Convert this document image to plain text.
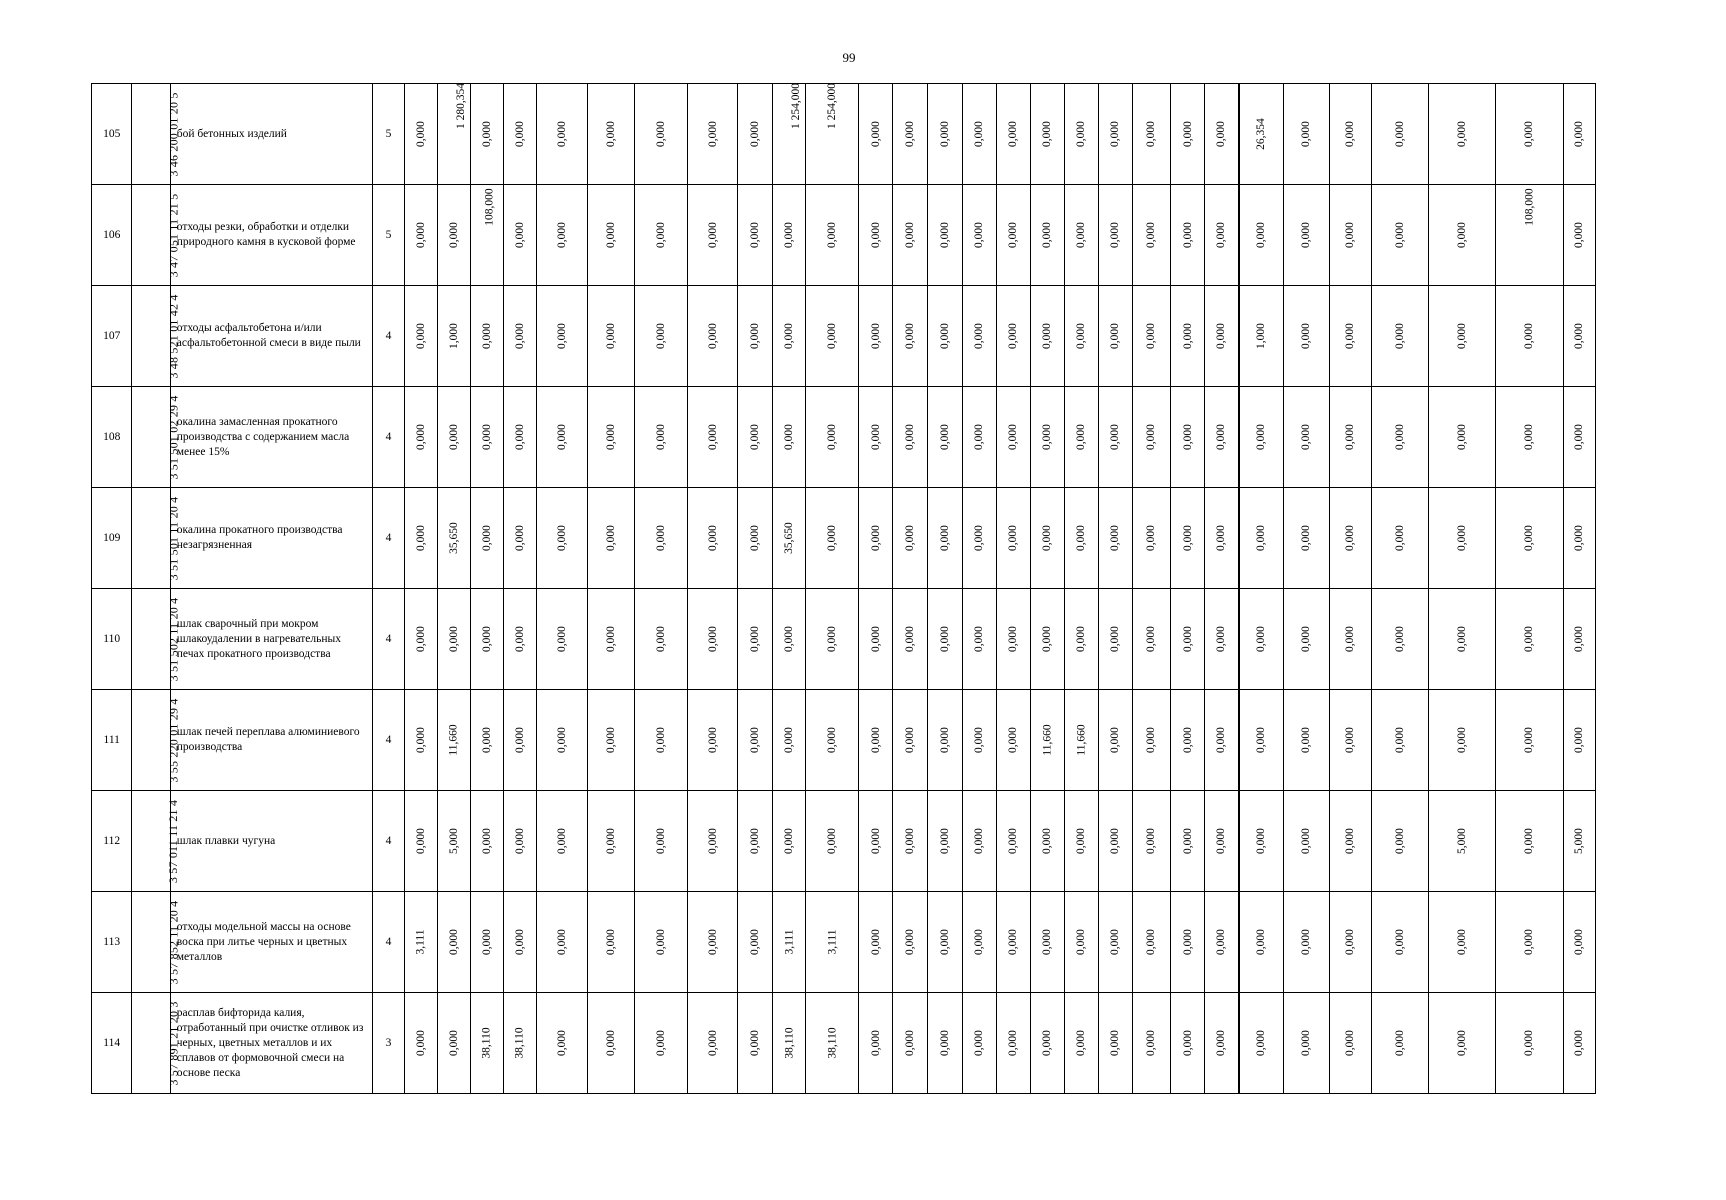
99
105	3 46 200 01 20 5	бой бетонных изделий	5	0,000	1 280,354	0,000	0,000	0,000	0,000	0,000	0,000	0,000	1 254,000	1 254,000	0,000	0,000	0,000	0,000	0,000	0,000	0,000	0,000	0,000	0,000	0,000	26,354	0,000	0,000	0,000	0,000	0,000	0,000
106	3 47 051 11 21 5	отходы резки, обработки и отделки природного камня в кусковой форме	5	0,000	0,000	108,000	0,000	0,000	0,000	0,000	0,000	0,000	0,000	0,000	0,000	0,000	0,000	0,000	0,000	0,000	0,000	0,000	0,000	0,000	0,000	0,000	0,000	0,000	0,000	0,000	108,000	0,000
107	3 48 521 01 42 4	отходы асфальтобетона и/или асфальтобетонной смеси в виде пыли	4	0,000	1,000	0,000	0,000	0,000	0,000	0,000	0,000	0,000	0,000	0,000	0,000	0,000	0,000	0,000	0,000	0,000	0,000	0,000	0,000	0,000	0,000	1,000	0,000	0,000	0,000	0,000	0,000	0,000
108	3 51 501 02 29 4	окалина замасленная прокатного производства с содержанием масла менее 15%	4	0,000	0,000	0,000	0,000	0,000	0,000	0,000	0,000	0,000	0,000	0,000	0,000	0,000	0,000	0,000	0,000	0,000	0,000	0,000	0,000	0,000	0,000	0,000	0,000	0,000	0,000	0,000	0,000	0,000
109	3 51 501 11 20 4	окалина прокатного производства незагрязненная	4	0,000	35,650	0,000	0,000	0,000	0,000	0,000	0,000	0,000	35,650	0,000	0,000	0,000	0,000	0,000	0,000	0,000	0,000	0,000	0,000	0,000	0,000	0,000	0,000	0,000	0,000	0,000	0,000	0,000
110	3 51 502 11 20 4	шлак сварочный при мокром шлакоудалении в нагревательных печах прокатного производства	4	0,000	0,000	0,000	0,000	0,000	0,000	0,000	0,000	0,000	0,000	0,000	0,000	0,000	0,000	0,000	0,000	0,000	0,000	0,000	0,000	0,000	0,000	0,000	0,000	0,000	0,000	0,000	0,000	0,000
111	3 55 220 01 29 4	шлак печей переплава алюминиевого производства	4	0,000	11,660	0,000	0,000	0,000	0,000	0,000	0,000	0,000	0,000	0,000	0,000	0,000	0,000	0,000	0,000	11,660	11,660	0,000	0,000	0,000	0,000	0,000	0,000	0,000	0,000	0,000	0,000	0,000
112	3 57 011 11 21 4	шлак плавки чугуна	4	0,000	5,000	0,000	0,000	0,000	0,000	0,000	0,000	0,000	0,000	0,000	0,000	0,000	0,000	0,000	0,000	0,000	0,000	0,000	0,000	0,000	0,000	0,000	0,000	0,000	0,000	5,000	0,000	5,000
113	3 57 852 11 20 4	отходы модельной массы на основе воска при литье черных и цветных металлов	4	3,111	0,000	0,000	0,000	0,000	0,000	0,000	0,000	0,000	3,111	3,111	0,000	0,000	0,000	0,000	0,000	0,000	0,000	0,000	0,000	0,000	0,000	0,000	0,000	0,000	0,000	0,000	0,000	0,000
114	3 57 891 21 20 3	расплав бифторида калия, отработанный при очистке отливок из черных, цветных металлов и их сплавов от формовочной смеси на основе песка	3	0,000	0,000	38,110	38,110	0,000	0,000	0,000	0,000	0,000	38,110	38,110	0,000	0,000	0,000	0,000	0,000	0,000	0,000	0,000	0,000	0,000	0,000	0,000	0,000	0,000	0,000	0,000	0,000	0,000
